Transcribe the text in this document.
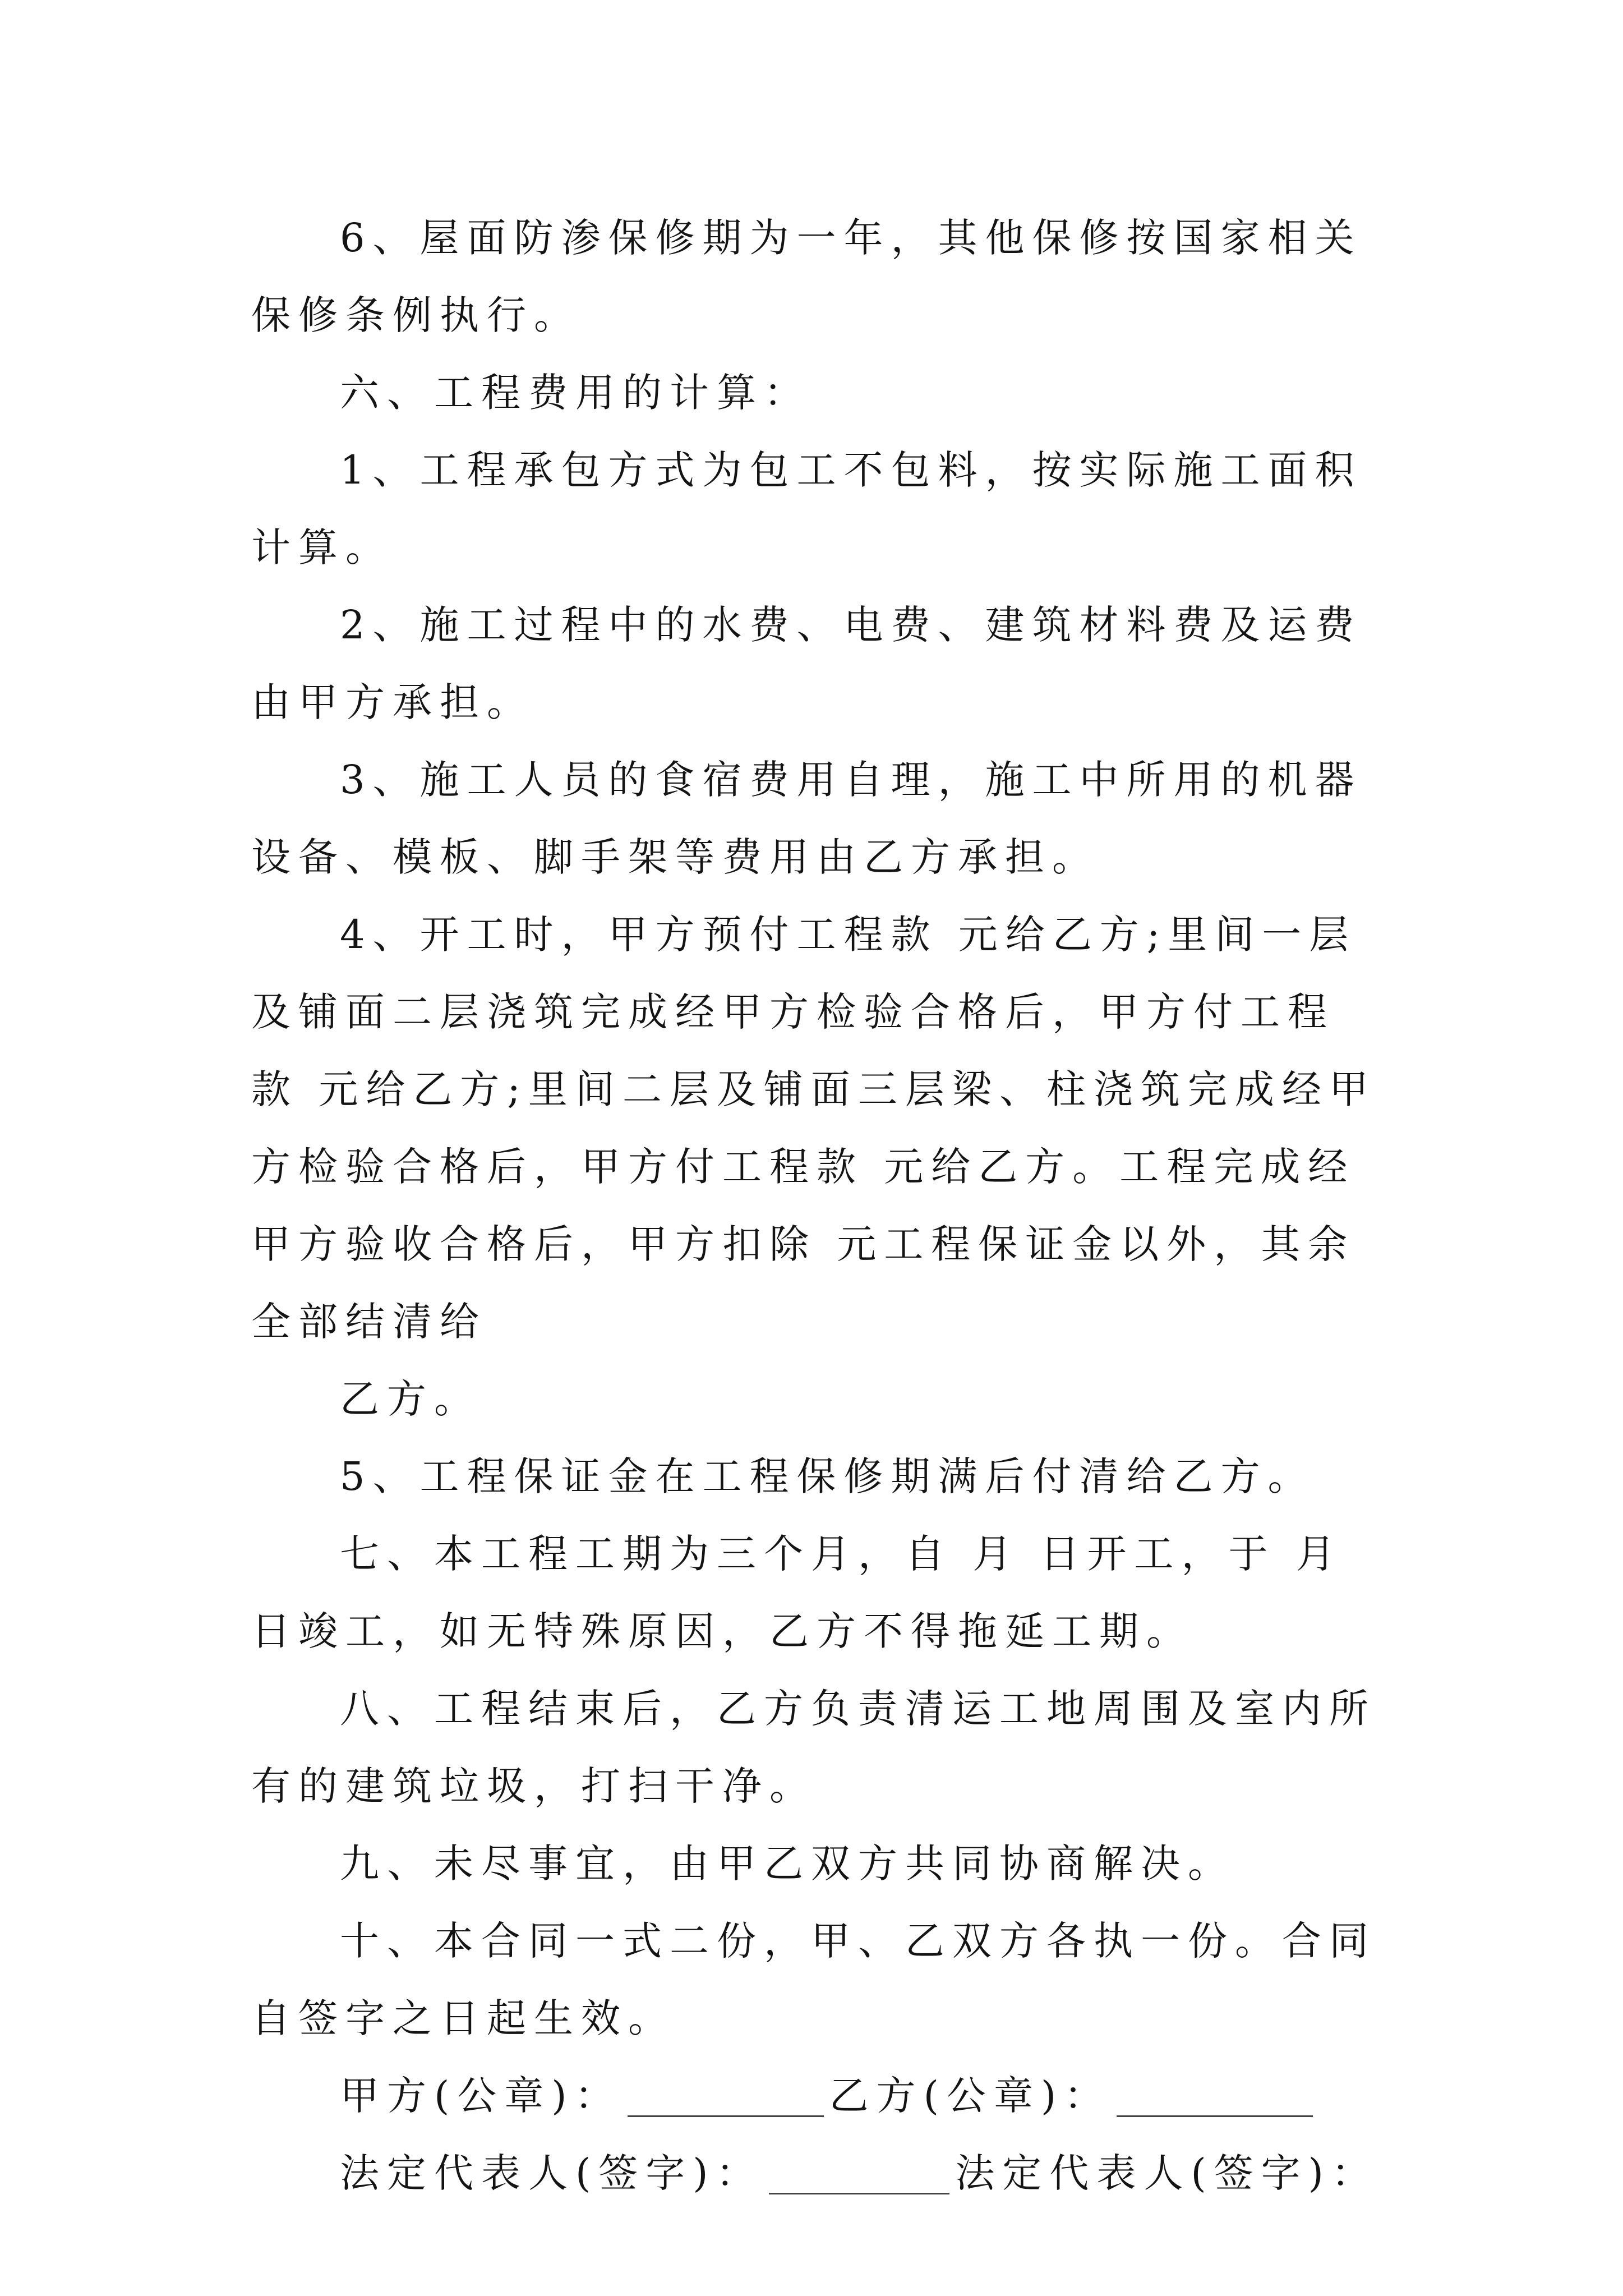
6、屋面防渗保修期为一年，其他保修按国家相关保修条例执行。

六、工程费用的计算：

1、工程承包方式为包工不包料，按实际施工面积计算。

2、施工过程中的水费、电费、建筑材料费及运费由甲方承担。

3、施工人员的食宿费用自理，施工中所用的机器设备、模板、脚手架等费用由乙方承担。

4、开工时，甲方预付工程款 元给乙方;里间一层及铺面二层浇筑完成经甲方检验合格后，甲方付工程款 元给乙方;里间二层及铺面三层梁、柱浇筑完成经甲方检验合格后，甲方付工程款 元给乙方。工程完成经甲方验收合格后，甲方扣除 元工程保证金以外，其余全部结清给

乙方。

5、工程保证金在工程保修期满后付清给乙方。

七、本工程工期为三个月，自 月 日开工，于 月 日竣工，如无特殊原因，乙方不得拖延工期。

八、工程结束后，乙方负责清运工地周围及室内所有的建筑垃圾，打扫干净。

九、未尽事宜，由甲乙双方共同协商解决。

十、本合同一式二份，甲、乙双方各执一份。合同自签字之日起生效。

甲方(公章)：	乙方(公章)：
法定代表人(签字)：	法定代表人(签字)：
